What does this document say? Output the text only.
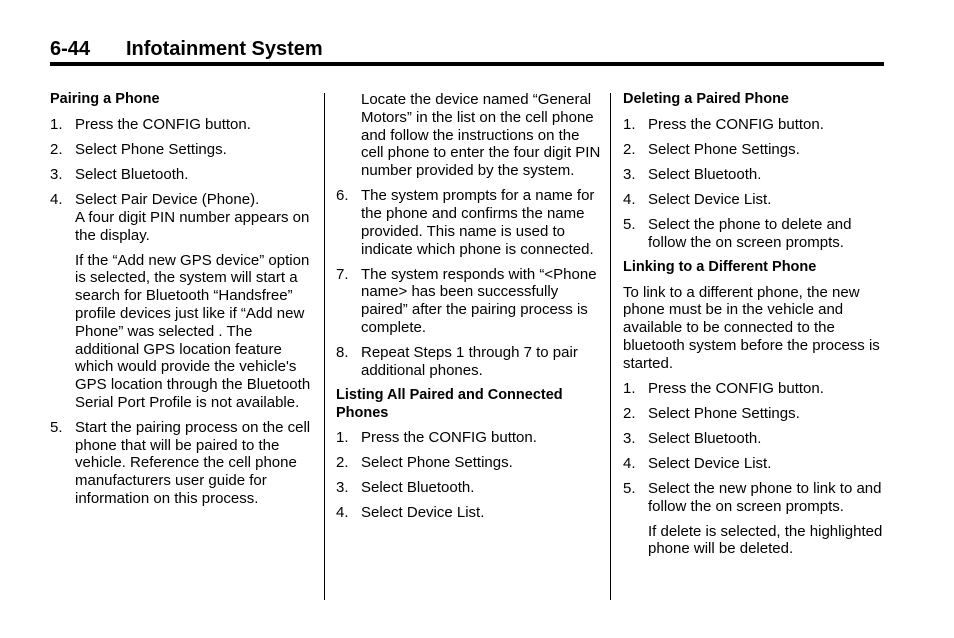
6-44 Infotainment System
Pairing a Phone
1. Press the CONFIG button.
2. Select Phone Settings.
3. Select Bluetooth.
4. Select Pair Device (Phone).
A four digit PIN number appears on the display.
If the “Add new GPS device” option is selected, the system will start a search for Bluetooth “Handsfree” profile devices just like if “Add new Phone” was selected . The additional GPS location feature which would provide the vehicle's GPS location through the Bluetooth Serial Port Profile is not available.
5. Start the pairing process on the cell phone that will be paired to the vehicle. Reference the cell phone manufacturers user guide for information on this process.
Locate the device named “General Motors” in the list on the cell phone and follow the instructions on the cell phone to enter the four digit PIN number provided by the system.
6. The system prompts for a name for the phone and confirms the name provided. This name is used to indicate which phone is connected.
7. The system responds with “<Phone name> has been successfully paired” after the pairing process is complete.
8. Repeat Steps 1 through 7 to pair additional phones.
Listing All Paired and Connected Phones
1. Press the CONFIG button.
2. Select Phone Settings.
3. Select Bluetooth.
4. Select Device List.
Deleting a Paired Phone
1. Press the CONFIG button.
2. Select Phone Settings.
3. Select Bluetooth.
4. Select Device List.
5. Select the phone to delete and follow the on screen prompts.
Linking to a Different Phone
To link to a different phone, the new phone must be in the vehicle and available to be connected to the bluetooth system before the process is started.
1. Press the CONFIG button.
2. Select Phone Settings.
3. Select Bluetooth.
4. Select Device List.
5. Select the new phone to link to and follow the on screen prompts.
If delete is selected, the highlighted phone will be deleted.
